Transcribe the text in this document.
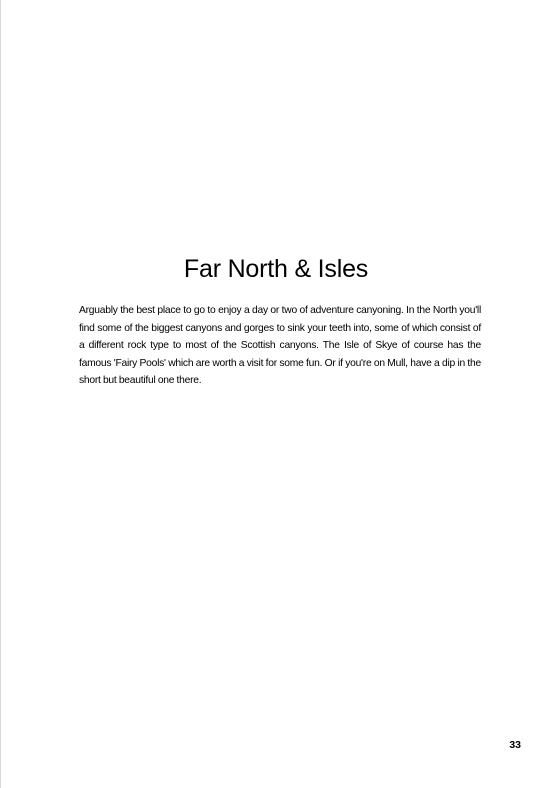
Far North & Isles

Arguably the best place to go to enjoy a day or two of adventure canyoning. In the North you'll find some of the biggest canyons and gorges to sink your teeth into, some of which consist of a different rock type to most of the Scottish canyons. The Isle of Skye of course has the famous 'Fairy Pools' which are worth a visit for some fun. Or if you're on Mull, have a dip in the short but beautiful one there.

33
